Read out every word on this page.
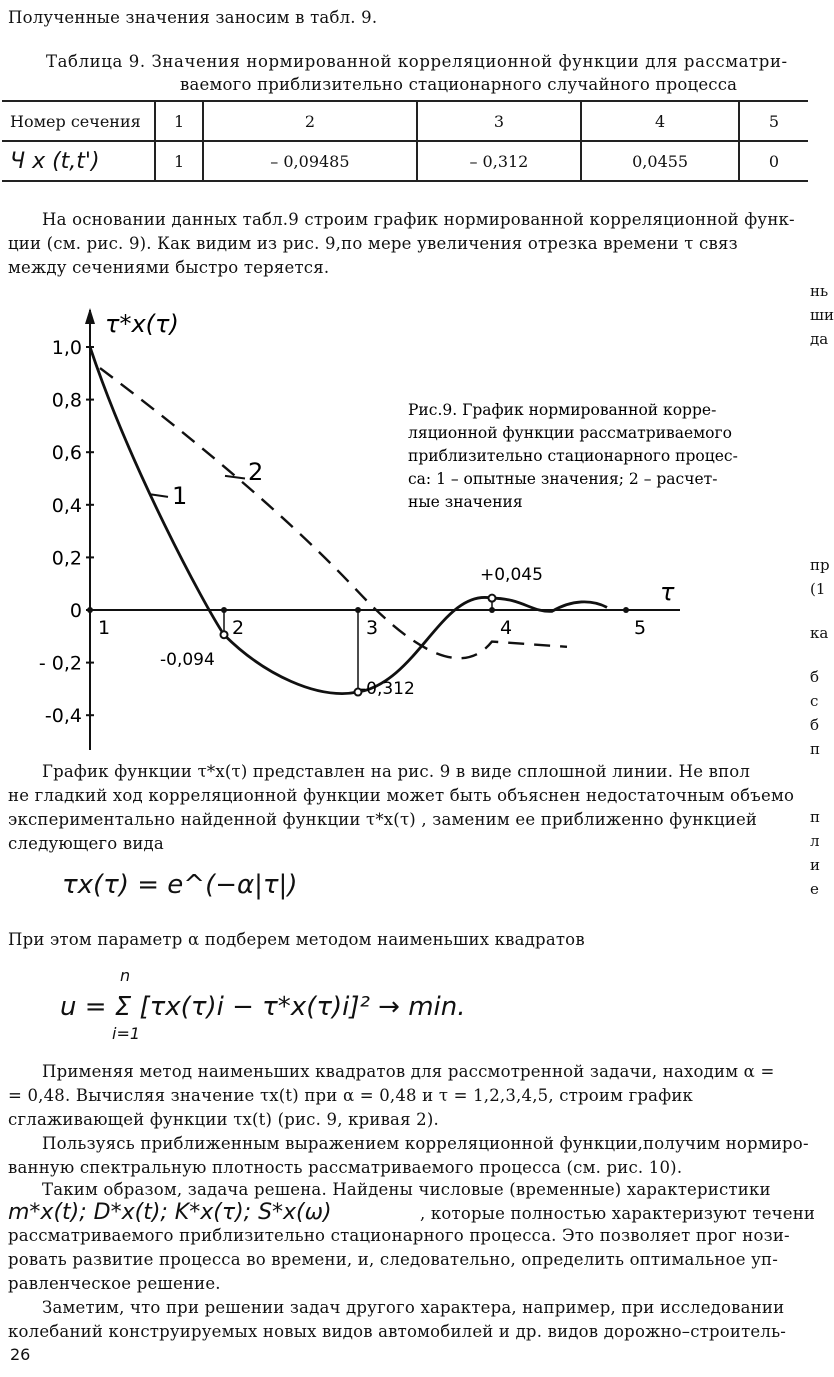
Полученные значения заносим в табл. 9.
Таблица 9. Значения нормированной корреляционной функции для рассматри-
ваемого приблизительно стационарного случайного процесса
Номер сечения	1	2	3	4	5
Ч x (t,t')	1	– 0,09485	– 0,312	0,0455	0
На основании данных табл.9 строим график нормированной корреляционной функ-
ции (см. рис. 9). Как видим из рис. 9,по мере увеличения отрезка времени τ связ
между сечениями быстро теряется.
1,0
0,8
0,6
0,4
0,2
0
- 0,2
-0,4
1	2	3	4	5
τ*x(τ)
τ
1
2
-0,094
-0,312
+0,045
Рис.9. График нормированной корре-
ляционной функции рассматриваемого
приблизительно стационарного процес-
са: 1 – опытные значения; 2 – расчет-
ные значения
нь
ши
да
пр
(1
ка
б
с
б
п
п
л
и
е
График функции τ*x(τ) представлен на рис. 9 в виде сплошной линии. Не впол
не гладкий ход корреляционной функции может быть объяснен недостаточным объемо
экспериментально найденной функции τ*x(τ) , заменим ее приближенно функцией
следующего вида
τx(τ) = e^(−α|τ|)
При этом параметр α подберем методом наименьших квадратов
n
u = Σ [τx(τ)i − τ*x(τ)i]² → min.
i=1
Применяя метод наименьших квадратов для рассмотренной задачи, находим α =
= 0,48. Вычисляя значение τx(t) при α = 0,48 и τ = 1,2,3,4,5, строим график
сглаживающей функции τx(t) (рис. 9, кривая 2).
Пользуясь приближенным выражением корреляционной функции,получим нормиро-
ванную спектральную плотность рассматриваемого процесса (см. рис. 10).
Таким образом, задача решена. Найдены числовые (временные) характеристики
m*x(t); D*x(t); K*x(τ); S*x(ω)	, которые полностью характеризуют течени
рассматриваемого приблизительно стационарного процесса. Это позволяет прог нози-
ровать развитие процесса во времени, и, следовательно, определить оптимальное уп-
равленческое решение.
Заметим, что при решении задач другого характера, например, при исследовании
колебаний конструируемых новых видов автомобилей и др. видов дорожно–строитель-
26
